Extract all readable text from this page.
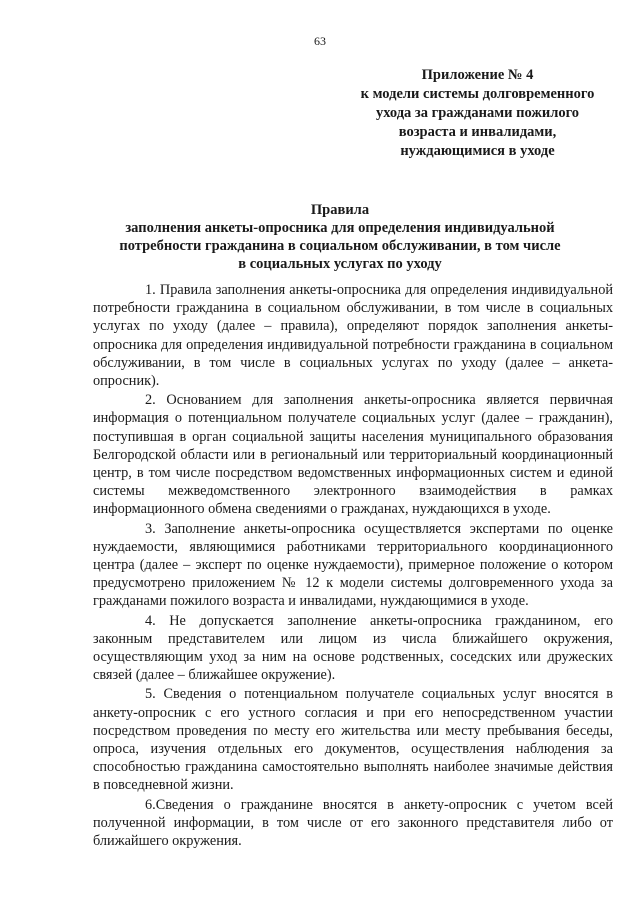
63
Приложение № 4
к модели системы долговременного
ухода за гражданами пожилого
возраста и инвалидами,
нуждающимися в уходе
Правила
заполнения анкеты-опросника для определения индивидуальной
потребности гражданина в социальном обслуживании, в том числе
в социальных услугах по уходу

1. Правила заполнения анкеты-опросника для определения индивидуальной потребности гражданина в социальном обслуживании, в том числе в социальных услугах по уходу (далее – правила), определяют порядок заполнения анкеты-опросника для определения индивидуальной потребности гражданина в социальном обслуживании, в том числе в социальных услугах по уходу (далее – анкета-опросник).

2. Основанием для заполнения анкеты-опросника является первичная информация о потенциальном получателе социальных услуг (далее – гражданин), поступившая в орган социальной защиты населения муниципального образования Белгородской области или в региональный или территориальный координационный центр, в том числе посредством ведомственных информационных систем и единой системы межведомственного электронного взаимодействия в рамках информационного обмена сведениями о гражданах, нуждающихся в уходе.

3. Заполнение анкеты-опросника осуществляется экспертами по оценке нуждаемости, являющимися работниками территориального координационного центра (далее – эксперт по оценке нуждаемости), примерное положение о котором предусмотрено приложением № 12 к модели системы долговременного ухода за гражданами пожилого возраста и инвалидами, нуждающимися в уходе.

4. Не допускается заполнение анкеты-опросника гражданином, его законным представителем или лицом из числа ближайшего окружения, осуществляющим уход за ним на основе родственных, соседских или дружеских связей (далее – ближайшее окружение).

5. Сведения о потенциальном получателе социальных услуг вносятся в анкету-опросник с его устного согласия и при его непосредственном участии посредством проведения по месту его жительства или месту пребывания беседы, опроса, изучения отдельных его документов, осуществления наблюдения за способностью гражданина самостоятельно выполнять наиболее значимые действия в повседневной жизни.

6.Сведения о гражданине вносятся в анкету-опросник с учетом всей полученной информации, в том числе от его законного представителя либо от ближайшего окружения.
